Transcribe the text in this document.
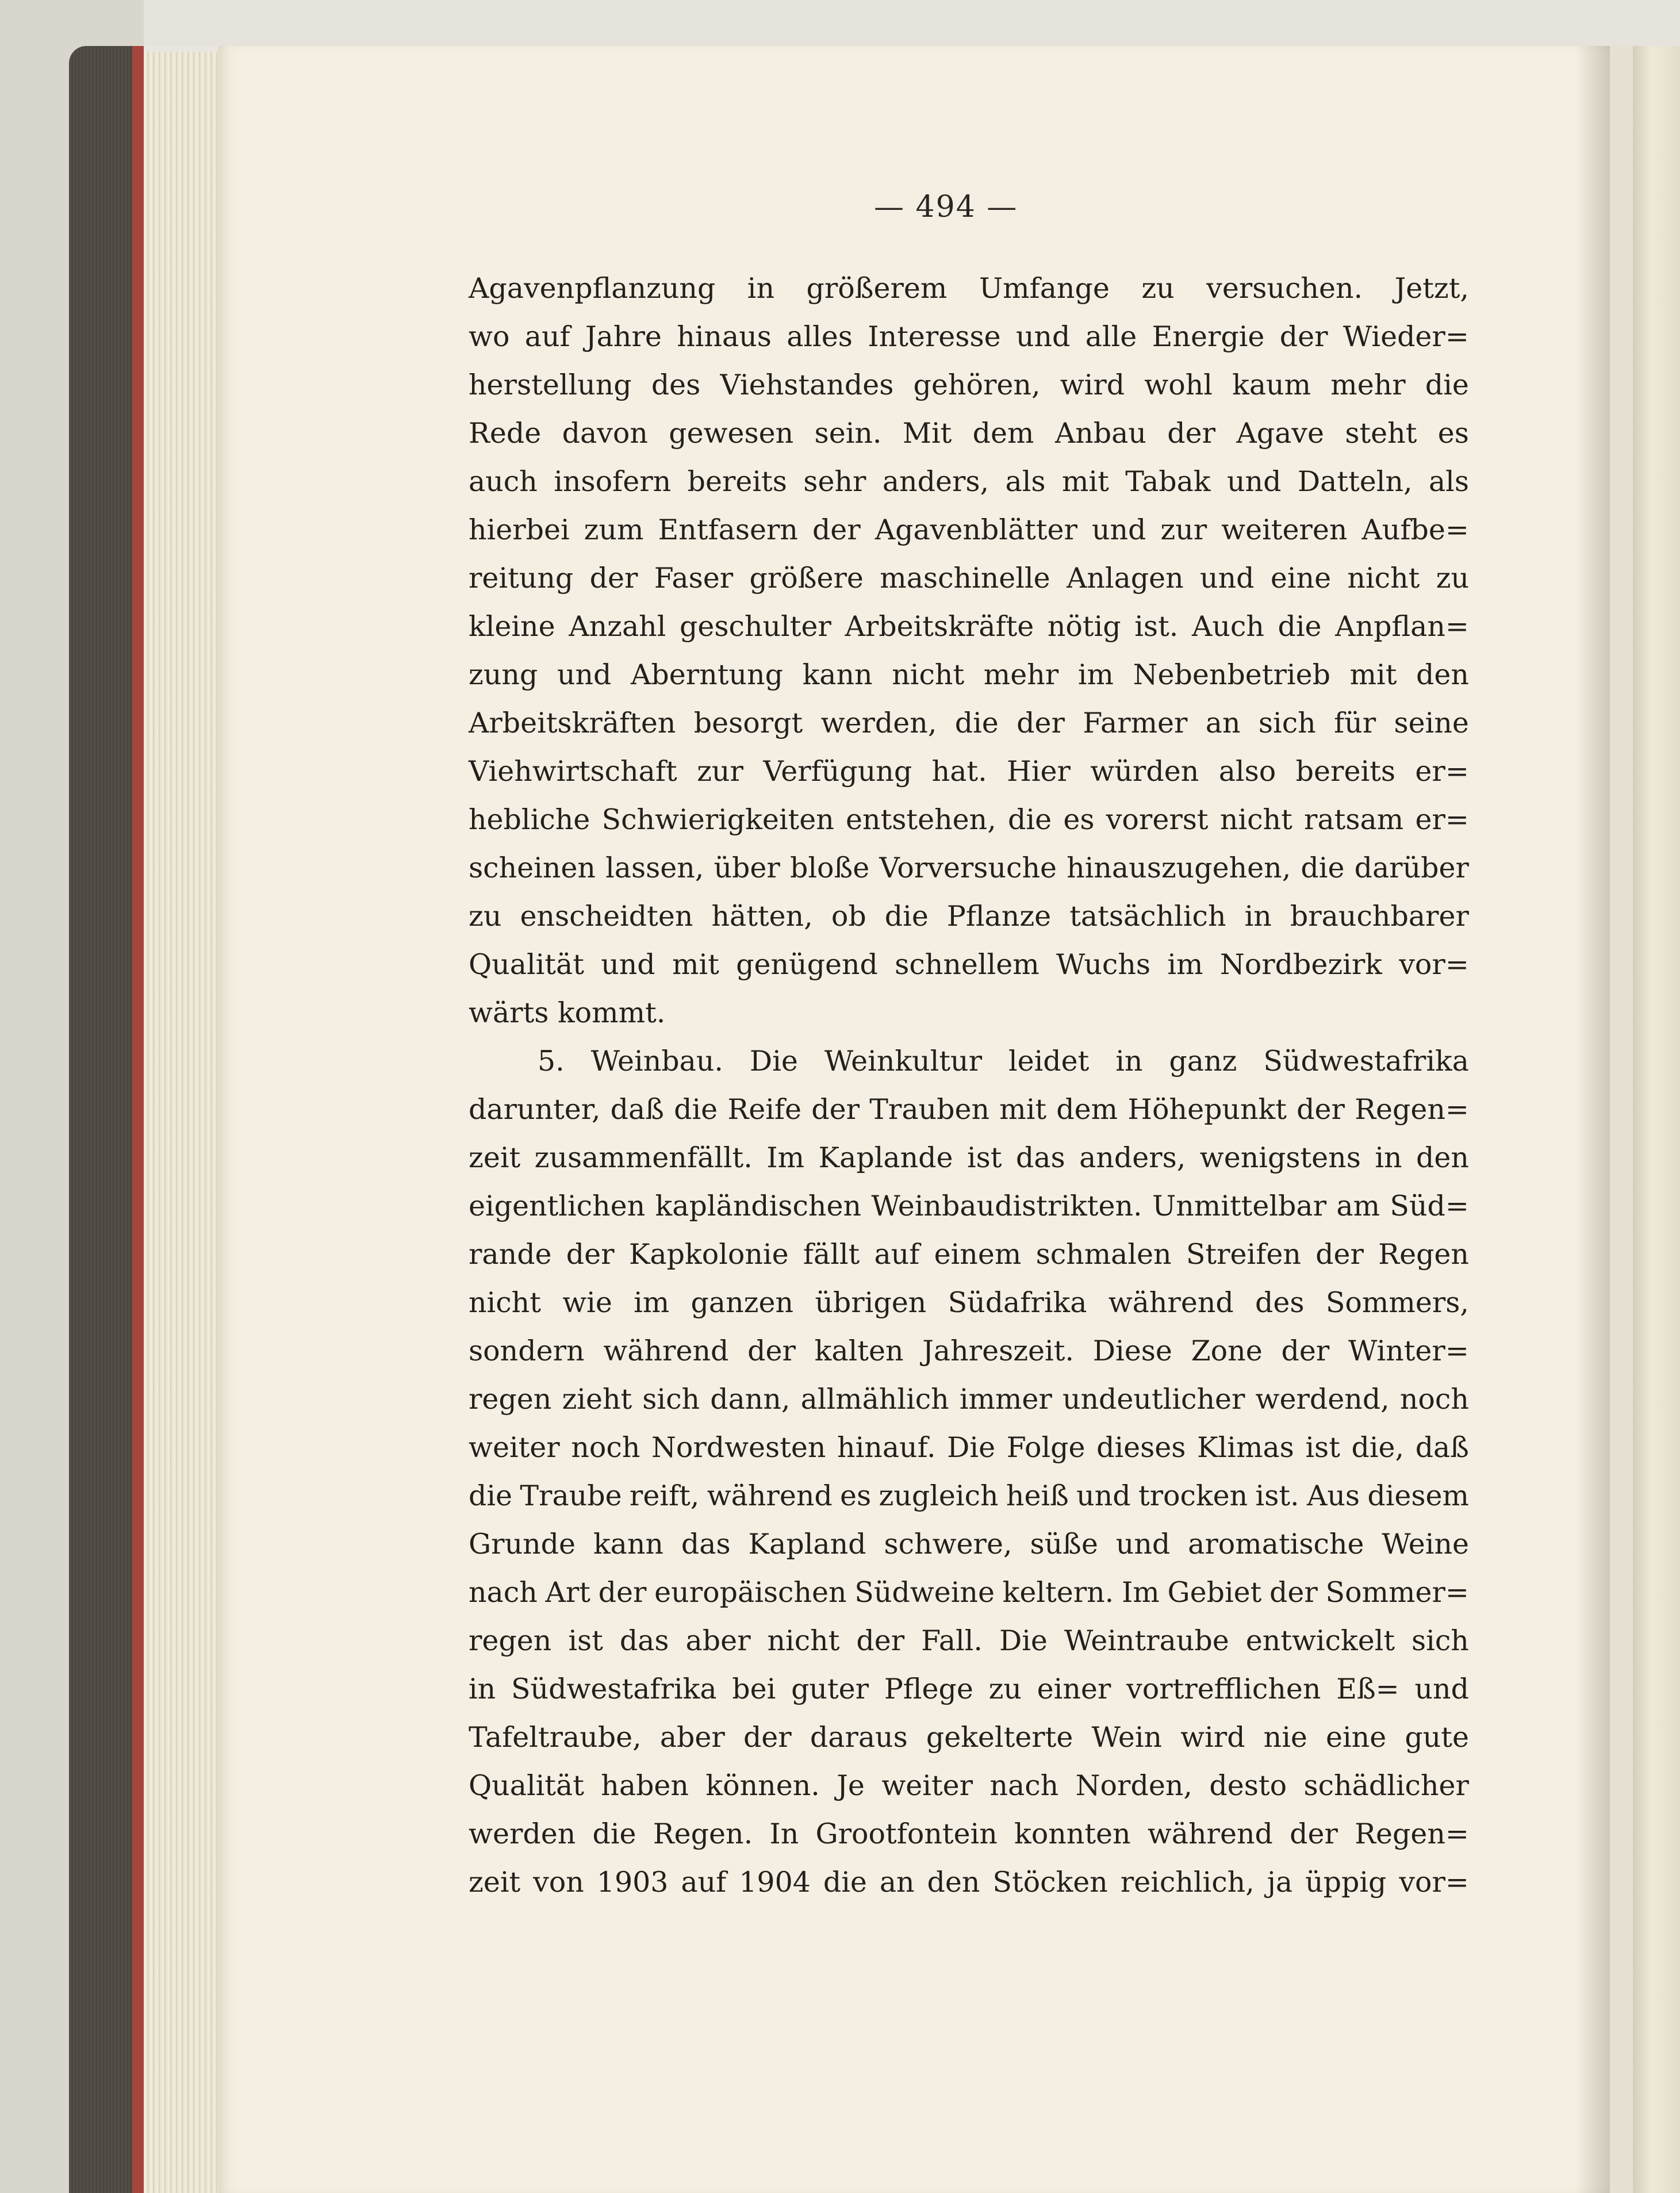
— 494 —
Agavenpflanzung in größerem Umfange zu versuchen. Jetzt,
wo auf Jahre hinaus alles Interesse und alle Energie der Wieder=
herstellung des Viehstandes gehören, wird wohl kaum mehr die
Rede davon gewesen sein. Mit dem Anbau der Agave steht es
auch insofern bereits sehr anders, als mit Tabak und Datteln, als
hierbei zum Entfasern der Agavenblätter und zur weiteren Aufbe=
reitung der Faser größere maschinelle Anlagen und eine nicht zu
kleine Anzahl geschulter Arbeitskräfte nötig ist. Auch die Anpflan=
zung und Aberntung kann nicht mehr im Nebenbetrieb mit den
Arbeitskräften besorgt werden, die der Farmer an sich für seine
Viehwirtschaft zur Verfügung hat. Hier würden also bereits er=
hebliche Schwierigkeiten entstehen, die es vorerst nicht ratsam er=
scheinen lassen, über bloße Vorversuche hinauszugehen, die darüber
zu enscheidten hätten, ob die Pflanze tatsächlich in brauchbarer
Qualität und mit genügend schnellem Wuchs im Nordbezirk vor=
wärts kommt.
5. Weinbau. Die Weinkultur leidet in ganz Südwestafrika
darunter, daß die Reife der Trauben mit dem Höhepunkt der Regen=
zeit zusammenfällt. Im Kaplande ist das anders, wenigstens in den
eigentlichen kapländischen Weinbaudistrikten. Unmittelbar am Süd=
rande der Kapkolonie fällt auf einem schmalen Streifen der Regen
nicht wie im ganzen übrigen Südafrika während des Sommers,
sondern während der kalten Jahreszeit. Diese Zone der Winter=
regen zieht sich dann, allmählich immer undeutlicher werdend, noch
weiter noch Nordwesten hinauf. Die Folge dieses Klimas ist die, daß
die Traube reift, während es zugleich heiß und trocken ist. Aus diesem
Grunde kann das Kapland schwere, süße und aromatische Weine
nach Art der europäischen Südweine keltern. Im Gebiet der Sommer=
regen ist das aber nicht der Fall. Die Weintraube entwickelt sich
in Südwestafrika bei guter Pflege zu einer vortrefflichen Eß= und
Tafeltraube, aber der daraus gekelterte Wein wird nie eine gute
Qualität haben können. Je weiter nach Norden, desto schädlicher
werden die Regen. In Grootfontein konnten während der Regen=
zeit von 1903 auf 1904 die an den Stöcken reichlich, ja üppig vor=
